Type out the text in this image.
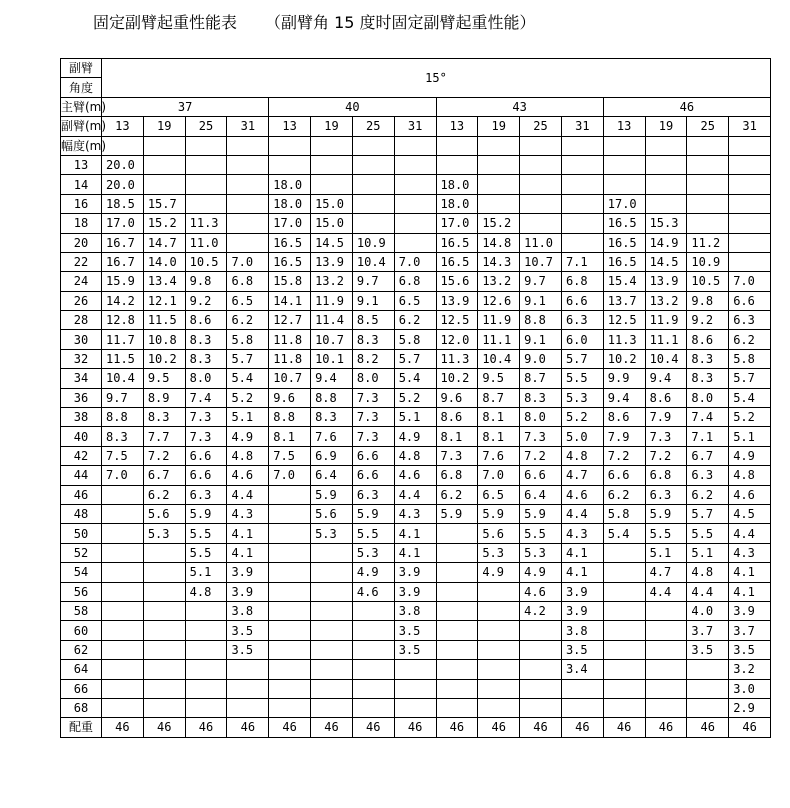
固定副臂起重性能表 （副臂角 15 度时固定副臂起重性能）
副臂	15°															
角度																
主臂(m)	37				40				43				46			
副臂(m)	13	19	25	31	13	19	25	31	13	19	25	31	13	19	25	31
幅度(m)																
13	20.0															
14	20.0				18.0				18.0							
16	18.5	15.7			18.0	15.0			18.0				17.0			
18	17.0	15.2	11.3		17.0	15.0			17.0	15.2			16.5	15.3		
20	16.7	14.7	11.0		16.5	14.5	10.9		16.5	14.8	11.0		16.5	14.9	11.2	
22	16.7	14.0	10.5	7.0	16.5	13.9	10.4	7.0	16.5	14.3	10.7	7.1	16.5	14.5	10.9	
24	15.9	13.4	9.8	6.8	15.8	13.2	9.7	6.8	15.6	13.2	9.7	6.8	15.4	13.9	10.5	7.0
26	14.2	12.1	9.2	6.5	14.1	11.9	9.1	6.5	13.9	12.6	9.1	6.6	13.7	13.2	9.8	6.6
28	12.8	11.5	8.6	6.2	12.7	11.4	8.5	6.2	12.5	11.9	8.8	6.3	12.5	11.9	9.2	6.3
30	11.7	10.8	8.3	5.8	11.8	10.7	8.3	5.8	12.0	11.1	9.1	6.0	11.3	11.1	8.6	6.2
32	11.5	10.2	8.3	5.7	11.8	10.1	8.2	5.7	11.3	10.4	9.0	5.7	10.2	10.4	8.3	5.8
34	10.4	9.5	8.0	5.4	10.7	9.4	8.0	5.4	10.2	9.5	8.7	5.5	9.9	9.4	8.3	5.7
36	9.7	8.9	7.4	5.2	9.6	8.8	7.3	5.2	9.6	8.7	8.3	5.3	9.4	8.6	8.0	5.4
38	8.8	8.3	7.3	5.1	8.8	8.3	7.3	5.1	8.6	8.1	8.0	5.2	8.6	7.9	7.4	5.2
40	8.3	7.7	7.3	4.9	8.1	7.6	7.3	4.9	8.1	8.1	7.3	5.0	7.9	7.3	7.1	5.1
42	7.5	7.2	6.6	4.8	7.5	6.9	6.6	4.8	7.3	7.6	7.2	4.8	7.2	7.2	6.7	4.9
44	7.0	6.7	6.6	4.6	7.0	6.4	6.6	4.6	6.8	7.0	6.6	4.7	6.6	6.8	6.3	4.8
46		6.2	6.3	4.4		5.9	6.3	4.4	6.2	6.5	6.4	4.6	6.2	6.3	6.2	4.6
48		5.6	5.9	4.3		5.6	5.9	4.3	5.9	5.9	5.9	4.4	5.8	5.9	5.7	4.5
50		5.3	5.5	4.1		5.3	5.5	4.1		5.6	5.5	4.3	5.4	5.5	5.5	4.4
52			5.5	4.1			5.3	4.1		5.3	5.3	4.1		5.1	5.1	4.3
54			5.1	3.9			4.9	3.9		4.9	4.9	4.1		4.7	4.8	4.1
56			4.8	3.9			4.6	3.9			4.6	3.9		4.4	4.4	4.1
58				3.8				3.8			4.2	3.9			4.0	3.9
60				3.5				3.5				3.8			3.7	3.7
62				3.5				3.5				3.5			3.5	3.5
64												3.4				3.2
66																3.0
68																2.9
配重	46	46	46	46	46	46	46	46	46	46	46	46	46	46	46	46
